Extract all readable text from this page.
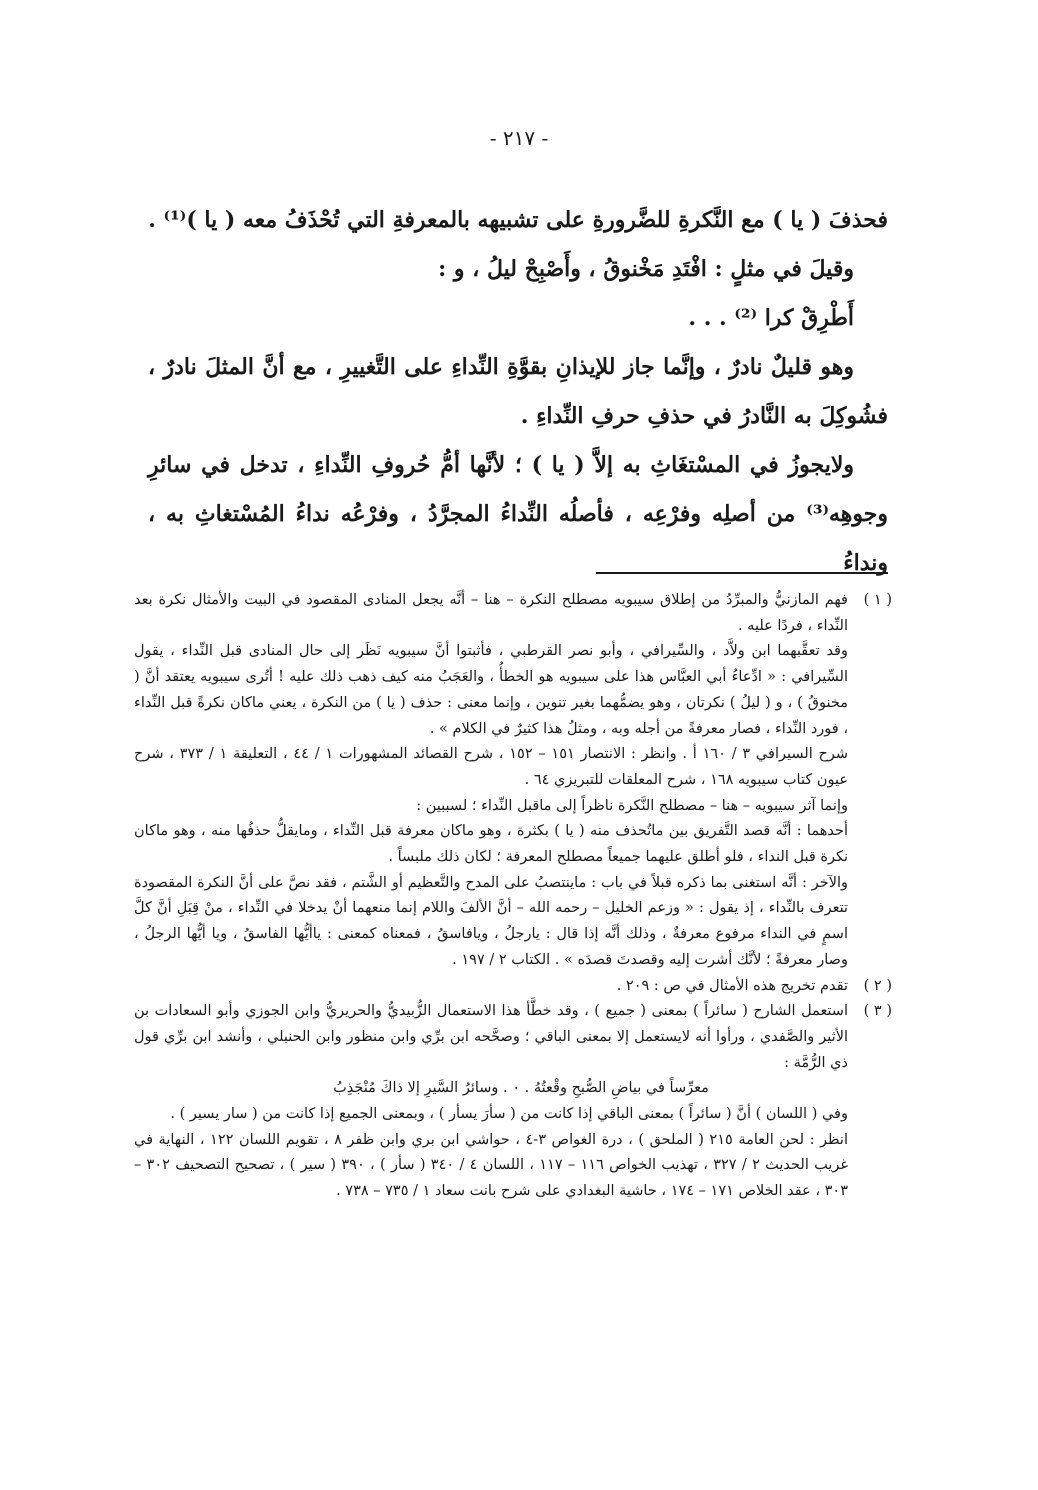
- ٢١٧ -

فحذفَ ( يا ) مع النَّكرةِ للضَّرورةِ على تشبيهه بالمعرفةِ التي تُحْذَفُ معه ( يا )⁽¹⁾ .

وقيلَ في مثلٍ : افْتَدِ مَخْنوقُ ، وأَصْبِحْ ليلُ ، و :

أَطْرِقْ كرا ⁽²⁾ . . .

وهو قليلٌ نادرٌ ، وإنَّما جاز للإيذانِ بقوَّةِ النِّداءِ على التَّغييرِ ، مع أنَّ المثلَ نادرٌ ، فشُوكِلَ به النَّادرُ في حذفِ حرفِ النِّداءِ .

ولايجوزُ في المسْتغَاثِ به إلاَّ ( يا ) ؛ لأنَّها أمُّ حُروفِ النِّداءِ ، تدخل في سائرِ وجوهِه⁽³⁾ من أصلِه وفرْعِه ، فأصلُه النِّداءُ المجرَّدُ ، وفرْعُه نداءُ المُسْتغاثِ به ، ونداءُ

( ١ )

فهم المازنيُّ والمبرِّدُ من إطلاق سيبويه مصطلح النكرة – هنا – أنَّه يجعل المنادى المقصود في البيت والأمثال نكرة بعد النِّداء ، فردًا عليه .

وقد تعقَّبهما ابن ولاَّد ، والسِّيرافي ، وأبو نصر القرطبي ، فأثبتوا أنَّ سيبويه نَظَر إلى حال المنادى قبل النِّداء ، يقول السِّيرافي : « ادِّعاءُ أبي العبَّاس هذا على سيبويه هو الخطأُ ، والعَجَبُ منه كيف ذهب ذلك عليه ! أتُرى سيبويه يعتقد أنَّ ( مخنوقُ ) ، و ( ليلُ ) نكرتان ، وهو يضمُّهما بغير تنوين ، وإنما معنى : حذف ( يا ) من النكرة ، يعني ماكان نكرةً قبل النِّداء ، فورد النِّداء ، فصار معرفةً من أجله وبه ، ومثلُ هذا كثيرٌ في الكلام » .

شرح السيرافي ٣ / ١٦٠ أ . وانظر : الانتصار ١٥١ – ١٥٢ ، شرح القصائد المشهورات ١ / ٤٤ ، التعليقة ١ / ٣٧٣ ، شرح عيون كتاب سيبويه ١٦٨ ، شرح المعلقات للتبريزي ٦٤ .

وإنما آثر سيبويه – هنا – مصطلح النَّكرة ناظراً إلى ماقبل النِّداء ؛ لسببين :

أحدهما : أنَّه قصد التَّفريق بين ماتُحذف منه ( يا ) بكثرة ، وهو ماكان معرفة قبل النِّداء ، ومايقلُّ حذفُها منه ، وهو ماكان نكرة قبل النداء ، فلو أطلق عليهما جميعاً مصطلح المعرفة ؛ لكان ذلك ملبساً .

والآخر : أنَّه استغنى بما ذكره قبلاً في باب : ماينتصبُ على المدح والتَّعظيم أو الشَّتم ، فقد نصَّ على أنَّ النكرة المقصودة تتعرف بالنِّداء ، إذ يقول : « وزعم الخليل – رحمه الله – أنَّ الألفَ واللام إنما منعهما أنْ يدخلا في النِّداء ، منْ قِبَلِ أنَّ كلَّ اسمٍ في النداء مرفوع معرفةٌ ، وذلك أنَّه إذا قال : يارجلُ ، ويافاسقُ ، فمعناه كمعنى : ياأيُّها الفاسقُ ، ويا أيُّها الرجلُ ، وصار معرفةً ؛ لأنَّك أشرت إليه وقصدتَ قصدَه » . الكتاب ٢ / ١٩٧ .

( ٢ )

تقدم تخريج هذه الأمثال في ص : ٢٠٩ .

( ٣ )

استعمل الشارح ( سائراً ) بمعنى ( جميع ) ، وقد خطَّأ هذا الاستعمال الزُّبيديُّ والحريريُّ وابن الجوزي وأبو السعادات بن الأثير والصَّفدي ، ورأوا أنه لايستعمل إلا بمعنى الباقي ؛ وصحَّحه ابن برِّي وابن منظور وابن الحنبلي ، وأنشد ابن برِّي قول ذي الرُّمَّة :

معرِّساً في بياضِ الصُّبحِ وقْعتُهُ . ٠ . وسائرُ السَّيرِ إلا ذاكَ مُنْجَذِبُ

وفي ( اللسان ) أنَّ ( سائراً ) بمعنى الباقي إذا كانت من ( سأرَ يسأر ) ، وبمعنى الجميع إذا كانت من ( سار يسير ) .

انظر : لحن العامة ٢١٥ ( الملحق ) ، درة الغواص ٣-٤ ، حواشي ابن بري وابن ظفر ٨ ، تقويم اللسان ١٢٢ ، النهاية في غريب الحديث ٢ / ٣٢٧ ، تهذيب الخواص ١١٦ – ١١٧ ، اللسان ٤ / ٣٤٠ ( سأر ) ، ٣٩٠ ( سير ) ، تصحيح التصحيف ٣٠٢ – ٣٠٣ ، عقد الخلاص ١٧١ – ١٧٤ ، حاشية البغدادي على شرح بانت سعاد ١ / ٧٣٥ – ٧٣٨ .
